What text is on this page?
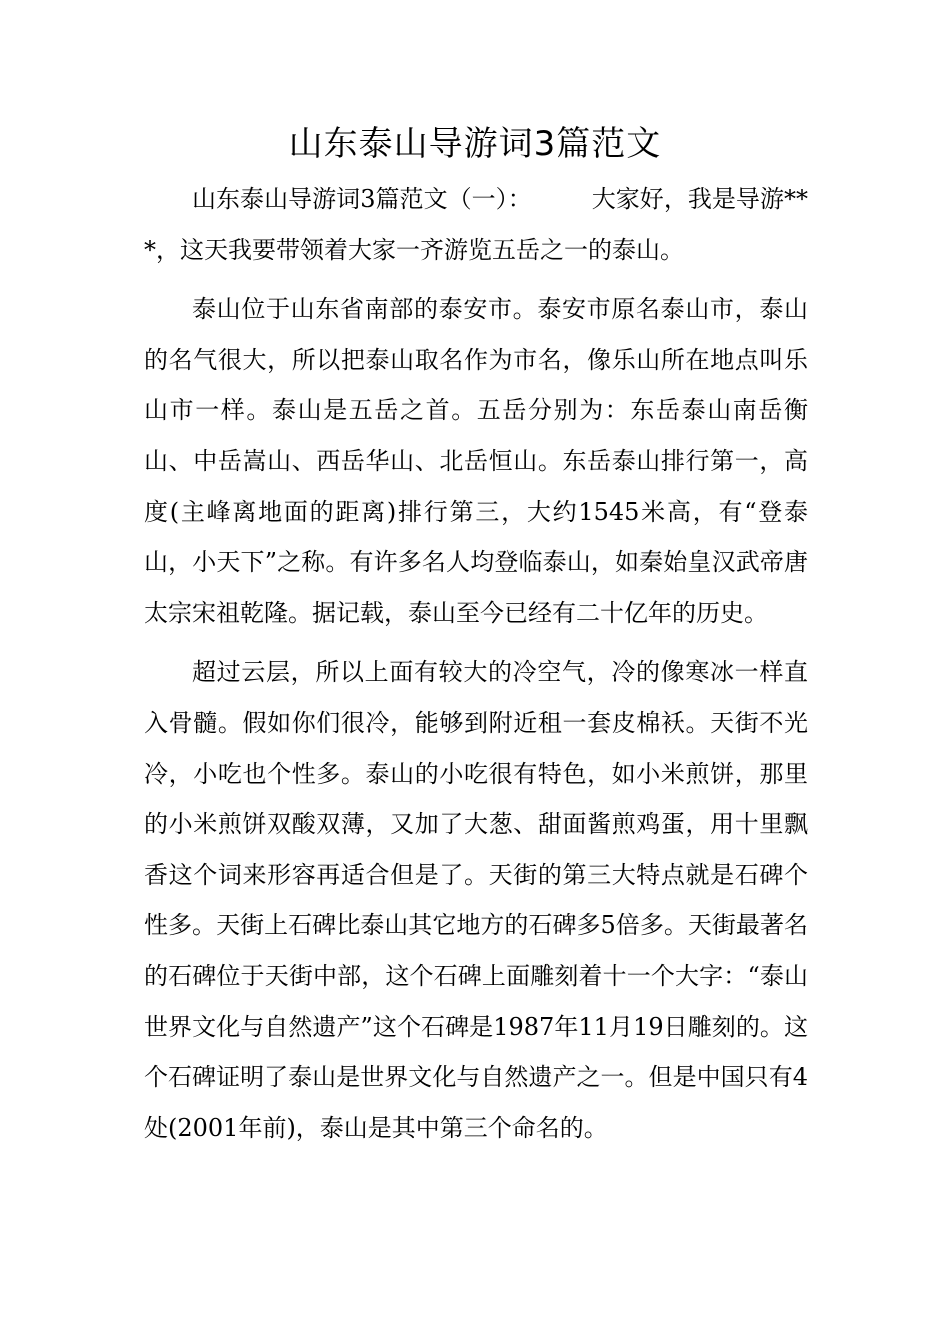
山东泰山导游词3篇范文

山东泰山导游词3篇范文（一）：	大家好，我是导游***，这天我要带领着大家一齐游览五岳之一的泰山。

泰山位于山东省南部的泰安市。泰安市原名泰山市，泰山的名气很大，所以把泰山取名作为市名，像乐山所在地点叫乐山市一样。泰山是五岳之首。五岳分别为：东岳泰山南岳衡山、中岳嵩山、西岳华山、北岳恒山。东岳泰山排行第一，高度(主峰离地面的距离)排行第三，大约1545米高，有“登泰山，小天下”之称。有许多名人均登临泰山，如秦始皇汉武帝唐太宗宋祖乾隆。据记载，泰山至今已经有二十亿年的历史。

超过云层，所以上面有较大的冷空气，冷的像寒冰一样直入骨髓。假如你们很冷，能够到附近租一套皮棉袄。天街不光冷，小吃也个性多。泰山的小吃很有特色，如小米煎饼，那里的小米煎饼双酸双薄，又加了大葱、甜面酱煎鸡蛋，用十里飘香这个词来形容再适合但是了。天街的第三大特点就是石碑个性多。天街上石碑比泰山其它地方的石碑多5倍多。天街最著名的石碑位于天街中部，这个石碑上面雕刻着十一个大字：“泰山世界文化与自然遗产”这个石碑是1987年11月19日雕刻的。这个石碑证明了泰山是世界文化与自然遗产之一。但是中国只有4处(2001年前)，泰山是其中第三个命名的。
